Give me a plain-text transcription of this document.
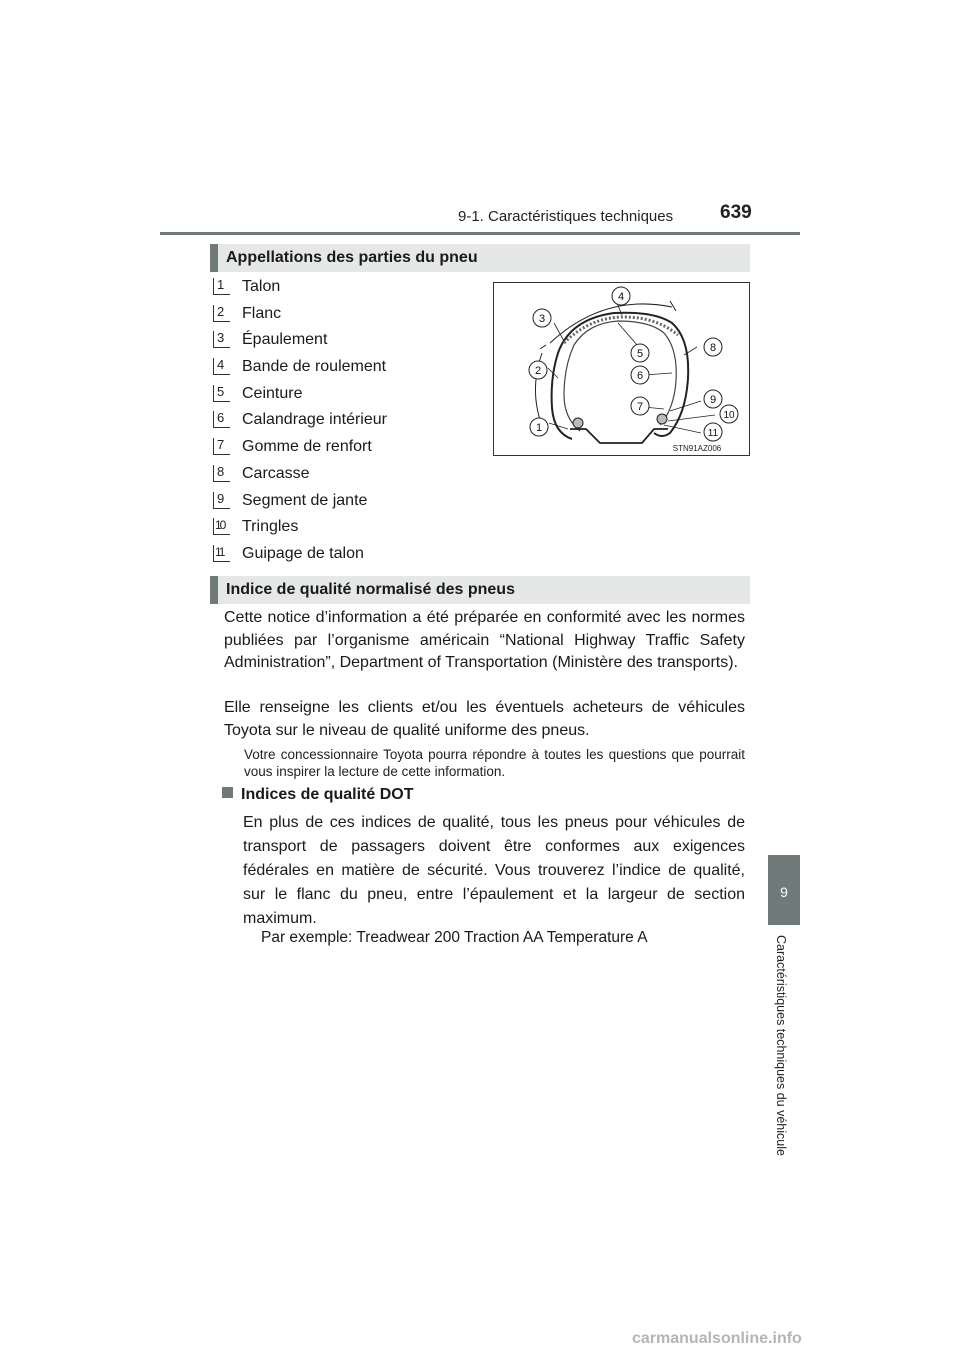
9-1. Caractéristiques techniques 639
9
Caractéristiques techniques du véhicule
Appellations des parties du pneu
1	Talon
2	Flanc
3	Épaulement
4	Bande de roulement
5	Ceinture
6	Calandrage intérieur
7	Gomme de renfort
8	Carcasse
9	Segment de jante
10	Tringles
11	Guipage de talon
1
2
3
4
5
6
7
8
9
10
11
STN91AZ006
Indice de qualité normalisé des pneus

Cette notice d’information a été préparée en conformité avec les normes publiées par l’organisme américain “National Highway Traffic Safety Administration”, Department of Transportation (Ministère des transports).

Elle renseigne les clients et/ou les éventuels acheteurs de véhicules Toyota sur le niveau de qualité uniforme des pneus.

Votre concessionnaire Toyota pourra répondre à toutes les questions que pourrait vous inspirer la lecture de cette information.

Indices de qualité DOT

En plus de ces indices de qualité, tous les pneus pour véhicules de transport de passagers doivent être conformes aux exigences fédérales en matière de sécurité. Vous trouverez l’indice de qualité, sur le flanc du pneu, entre l’épaulement et la largeur de section maximum.

Par exemple: Treadwear 200 Traction AA Temperature A
carmanualsonline.info
